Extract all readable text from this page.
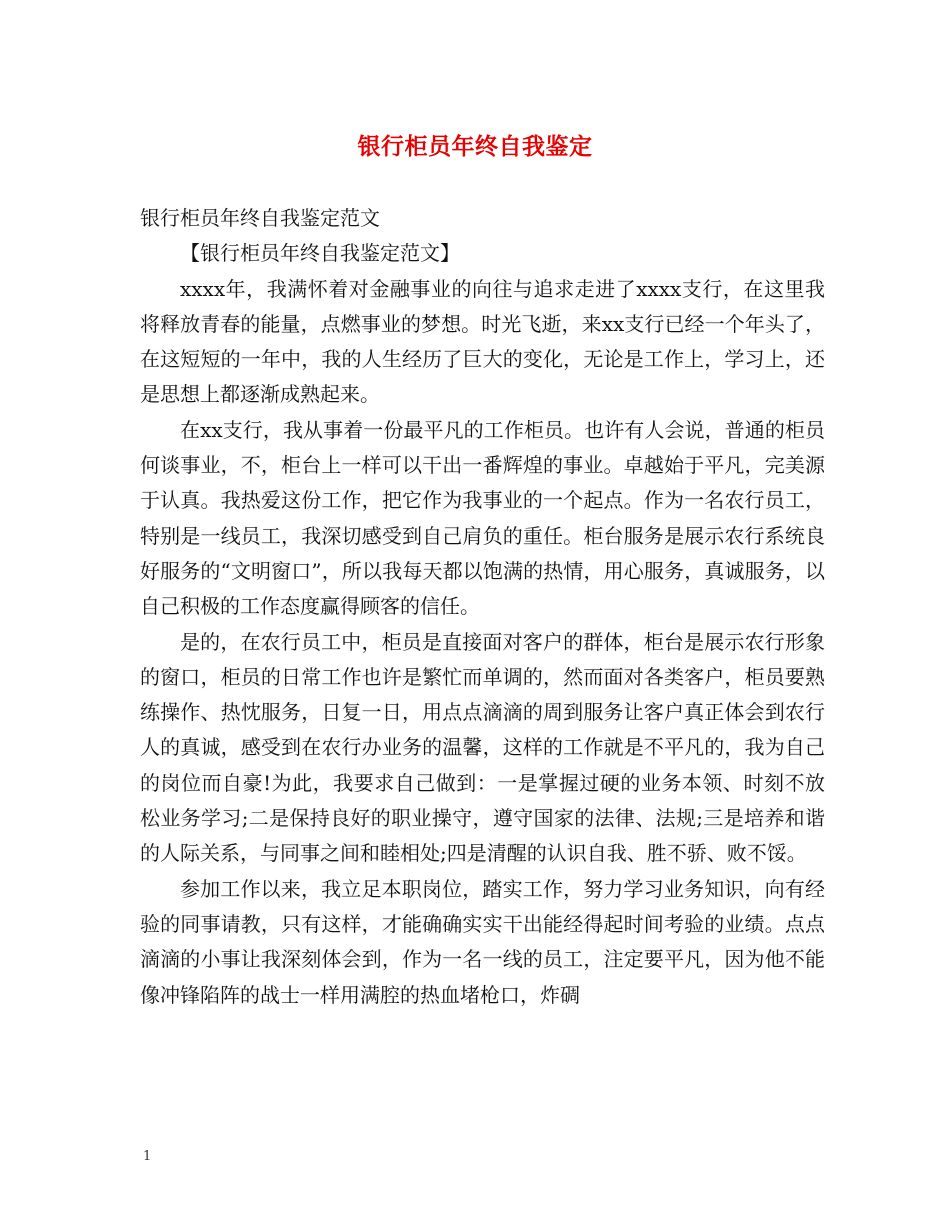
银行柜员年终自我鉴定

银行柜员年终自我鉴定范文

【银行柜员年终自我鉴定范文】

xxxx年，我满怀着对金融事业的向往与追求走进了xxxx支行，在这里我将释放青春的能量，点燃事业的梦想。时光飞逝，来xx支行已经一个年头了，在这短短的一年中，我的人生经历了巨大的变化，无论是工作上，学习上，还是思想上都逐渐成熟起来。

在xx支行，我从事着一份最平凡的工作柜员。也许有人会说，普通的柜员何谈事业，不，柜台上一样可以干出一番辉煌的事业。卓越始于平凡，完美源于认真。我热爱这份工作，把它作为我事业的一个起点。作为一名农行员工，特别是一线员工，我深切感受到自己肩负的重任。柜台服务是展示农行系统良好服务的“文明窗口”，所以我每天都以饱满的热情，用心服务，真诚服务，以自己积极的工作态度赢得顾客的信任。

是的，在农行员工中，柜员是直接面对客户的群体，柜台是展示农行形象的窗口，柜员的日常工作也许是繁忙而单调的，然而面对各类客户，柜员要熟练操作、热忱服务，日复一日，用点点滴滴的周到服务让客户真正体会到农行人的真诚，感受到在农行办业务的温馨，这样的工作就是不平凡的，我为自己的岗位而自豪!为此，我要求自己做到：一是掌握过硬的业务本领、时刻不放松业务学习;二是保持良好的职业操守，遵守国家的法律、法规;三是培养和谐的人际关系，与同事之间和睦相处;四是清醒的认识自我、胜不骄、败不馁。

参加工作以来，我立足本职岗位，踏实工作，努力学习业务知识，向有经验的同事请教，只有这样，才能确确实实干出能经得起时间考验的业绩。点点滴滴的小事让我深刻体会到，作为一名一线的员工，注定要平凡，因为他不能像冲锋陷阵的战士一样用满腔的热血堵枪口，炸碉

1
